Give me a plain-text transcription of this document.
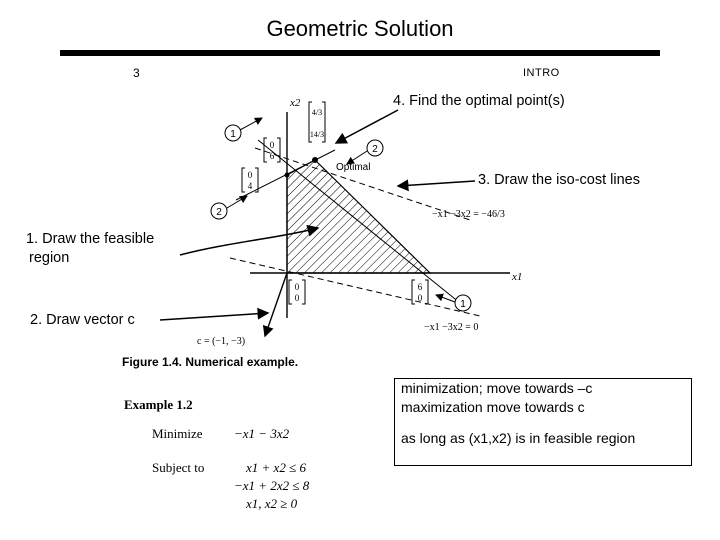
Geometric Solution
3	INTRO
x2
x1
Optimal
−x1 −3x2 = −46/3
−x1 −3x2 = 0
c = (−1, −3)
4/3
14/3
0
6
0
4
0
0
6
0
1
2
2
1
Figure 1.4. Numerical example.
Example 1.2
Minimize −x1 − 3x2
Subject to	x1 + x2 ≤ 6
−x1 + 2x2 ≤ 8
x1, x2 ≥ 0
4. Find the optimal point(s)
3. Draw the iso-cost lines
1. Draw the feasible
region
2. Draw vector c

minimization; move towards –c

maximization move towards c

as long as (x1,x2) is in feasible region
